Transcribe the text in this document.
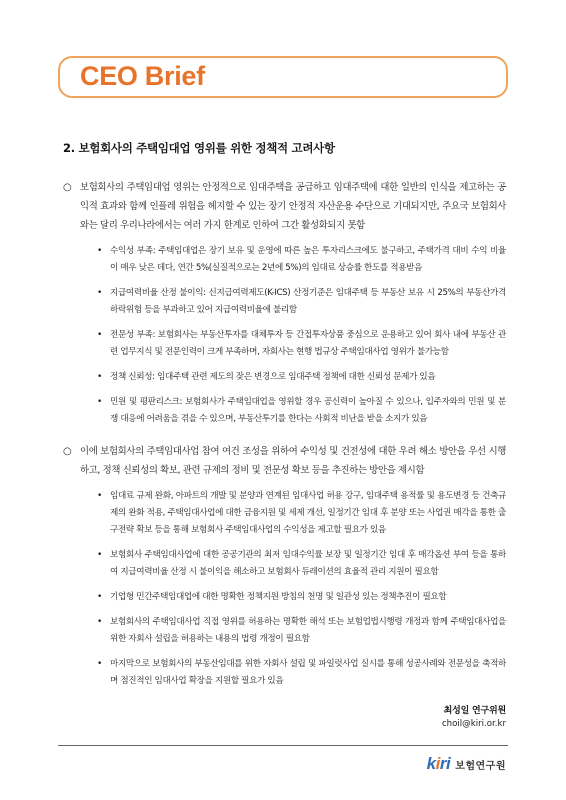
CEO Brief
2. 보험회사의 주택임대업 영위를 위한 정책적 고려사항
○ 보험회사의 주택임대업 영위는 안정적으로 임대주택을 공급하고 임대주택에 대한 일반의 인식을 제고하는 공익적 효과와 함께 인플레 위험을 헤지할 수 있는 장기 안정적 자산운용 수단으로 기대되지만, 주요국 보험회사와는 달리 우리나라에서는 여러 가지 한계로 인하여 그간 활성화되지 못함
• 수익성 부족: 주택임대업은 장기 보유 및 운영에 따른 높은 투자리스크에도 불구하고, 주택가격 대비 수익 비율이 매우 낮은 데다, 연간 5%(실질적으로는 2년에 5%)의 임대료 상승률 한도를 적용받음
• 지급여력비율 산정 불이익: 신지급여력제도(K-ICS) 산정기준은 임대주택 등 부동산 보유 시 25%의 부동산가격 하락위험 등을 부과하고 있어 지급여력비율에 불리함
• 전문성 부족: 보험회사는 부동산투자를 대체투자 등 간접투자상품 중심으로 운용하고 있어 회사 내에 부동산 관련 업무지식 및 전문인력이 크게 부족하며, 자회사는 현행 법규상 주택임대사업 영위가 불가능함
• 정책 신뢰성: 임대주택 관련 제도의 잦은 변경으로 임대주택 정책에 대한 신뢰성 문제가 있음
• 민원 및 평판리스크: 보험회사가 주택임대업을 영위할 경우 공신력이 높아질 수 있으나, 입주자와의 민원 및 분쟁 대응에 어려움을 겪을 수 있으며, 부동산투기를 한다는 사회적 비난을 받을 소지가 있음
○ 이에 보험회사의 주택임대사업 참여 여건 조성을 위하여 수익성 및 건전성에 대한 우려 해소 방안을 우선 시행하고, 정책 신뢰성의 확보, 관련 규제의 정비 및 전문성 확보 등을 추진하는 방안을 제시함
• 임대료 규제 완화, 아파트의 개발 및 분양과 연계된 임대사업 허용 강구, 임대주택 용적률 및 용도변경 등 건축규제의 완화 적용, 주택임대사업에 대한 금융지원 및 세제 개선, 일정기간 임대 후 분양 또는 사업권 매각을 통한 출구전략 확보 등을 통해 보험회사 주택임대사업의 수익성을 제고할 필요가 있음
• 보험회사 주택임대사업에 대한 공공기관의 최저 임대수익률 보장 및 일정기간 임대 후 매각옵션 부여 등을 통하여 지급여력비율 산정 시 불이익을 해소하고 보험회사 듀레이션의 효율적 관리 지원이 필요함
• 기업형 민간주택임대업에 대한 명확한 정책지원 방침의 천명 및 일관성 있는 정책추진이 필요함
• 보험회사의 주택임대사업 직접 영위를 허용하는 명확한 해석 또는 보험업법시행령 개정과 함께 주택임대사업을 위한 자회사 설립을 허용하는 내용의 법령 개정이 필요함
• 마지막으로 보험회사의 부동산임대를 위한 자회사 설립 및 파일럿사업 실시를 통해 성공사례와 전문성을 축적하며 점진적인 임대사업 확장을 지원할 필요가 있음
최성일 연구위원
choil@kiri.or.kr
kiri 보험연구원
